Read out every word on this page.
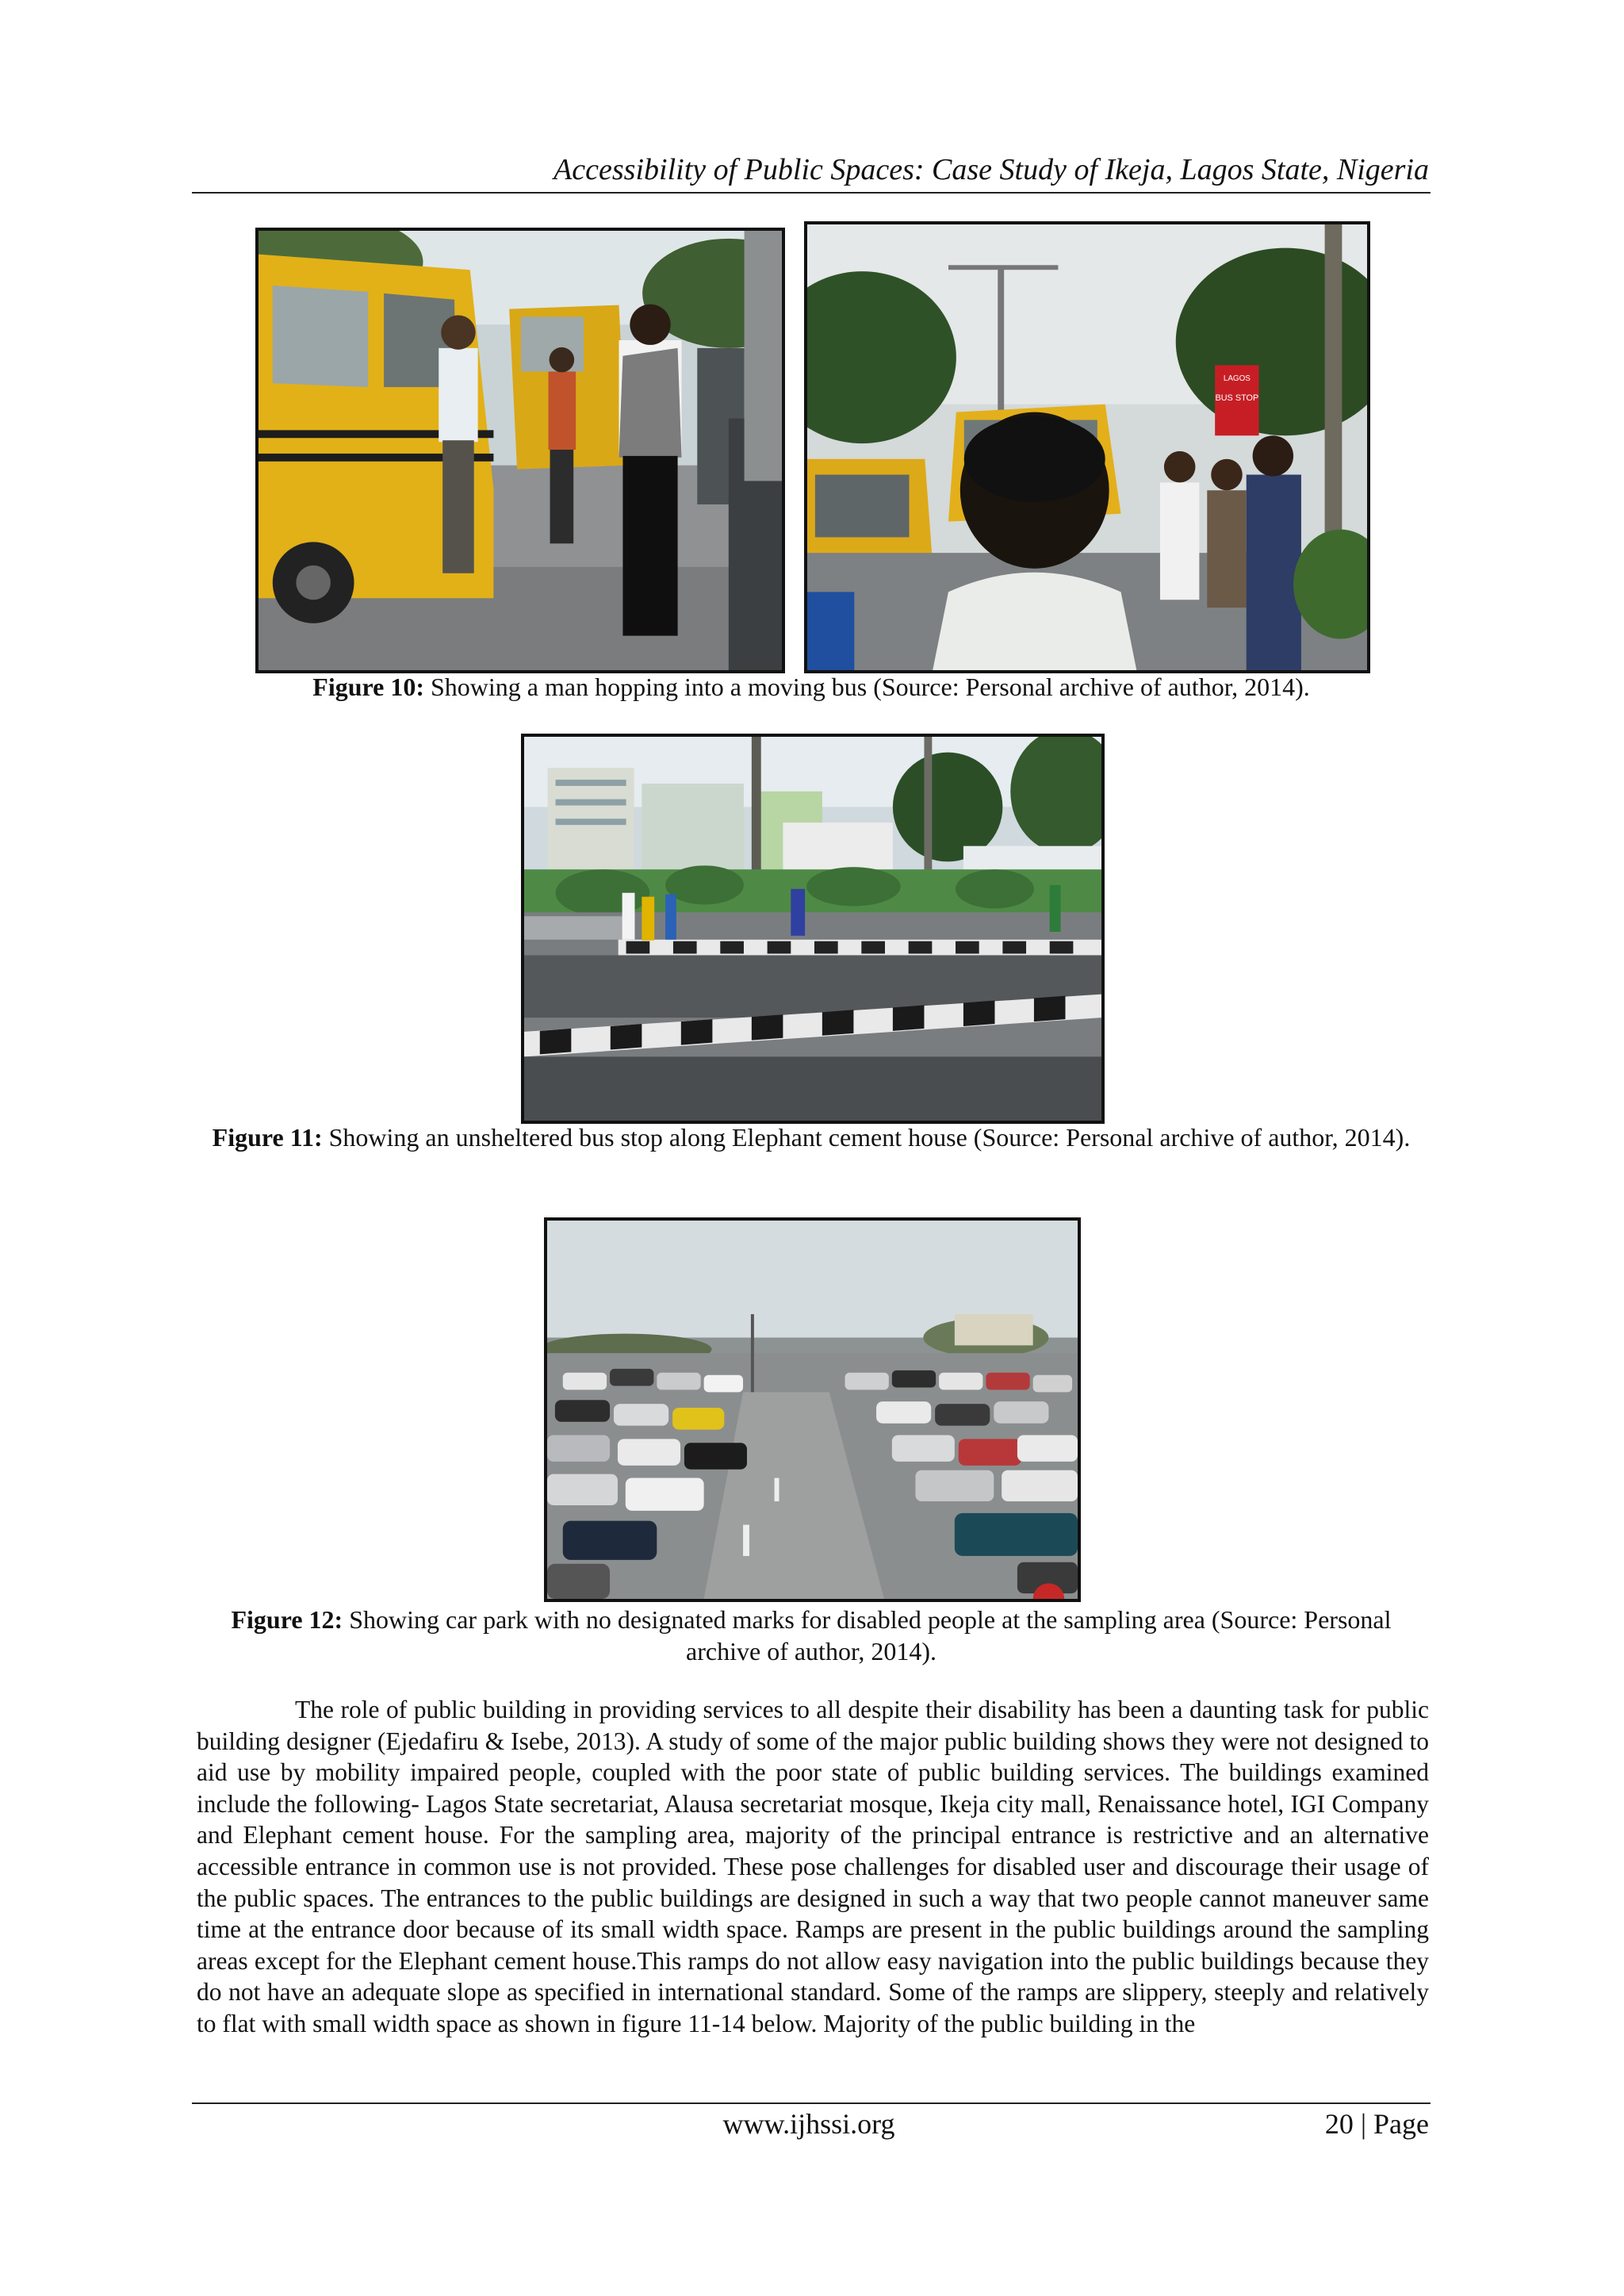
Accessibility of Public Spaces: Case Study of Ikeja, Lagos State, Nigeria
BUS STOP
LAGOS
Figure 10: Showing a man hopping into a moving bus (Source: Personal archive of author, 2014).
Figure 11: Showing an unsheltered bus stop along Elephant cement house (Source: Personal archive of author, 2014).
Figure 12: Showing car park with no designated marks for disabled people at the sampling area (Source: Personal archive of author, 2014).

The role of public building in providing services to all despite their disability has been a daunting task for public building designer (Ejedafiru & Isebe, 2013). A study of some of the major public building shows they were not designed to aid use by mobility impaired people, coupled with the poor state of public building services. The buildings examined include the following- Lagos State secretariat, Alausa secretariat mosque, Ikeja city mall, Renaissance hotel, IGI Company and Elephant cement house. For the sampling area, majority of the principal entrance is restrictive and an alternative accessible entrance in common use is not provided. These pose challenges for disabled user and discourage their usage of the public spaces. The entrances to the public buildings are designed in such a way that two people cannot maneuver same time at the entrance door because of its small width space. Ramps are present in the public buildings around the sampling areas except for the Elephant cement house.This ramps do not allow easy navigation into the public buildings because they do not have an adequate slope as specified in international standard. Some of the ramps are slippery, steeply and relatively to flat with small width space as shown in figure 11-14 below. Majority of the public building in the

www.ijhssi.org	20 | Page
